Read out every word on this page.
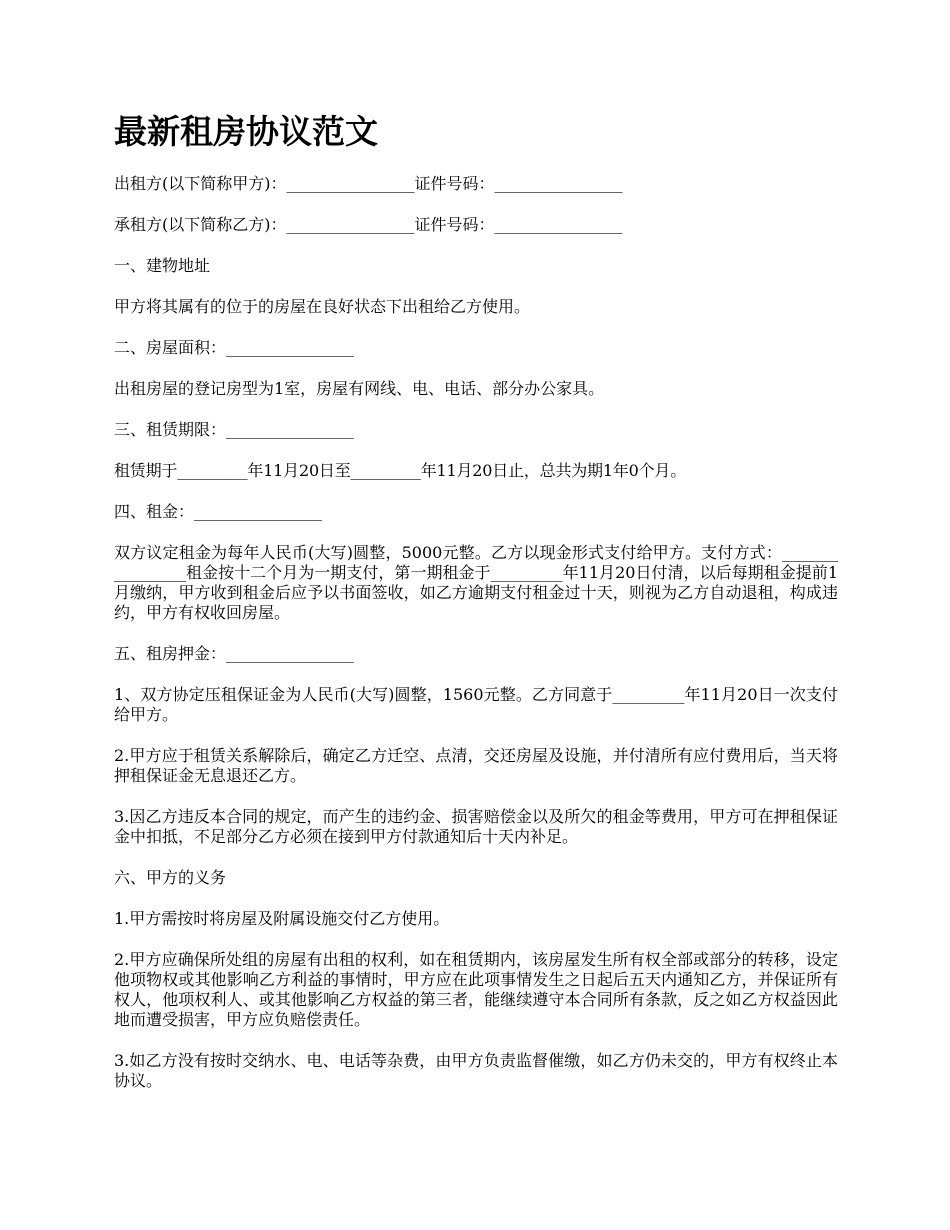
最新租房协议范文

出租方(以下简称甲方)：________________证件号码：________________

承租方(以下简称乙方)：________________证件号码：________________

一、建物地址

甲方将其属有的位于的房屋在良好状态下出租给乙方使用。

二、房屋面积：________________

出租房屋的登记房型为1室，房屋有网线、电、电话、部分办公家具。

三、租赁期限：________________

租赁期于_________年11月20日至_________年11月20日止，总共为期1年0个月。

四、租金：________________

双方议定租金为每年人民币(大写)圆整，5000元整。乙方以现金形式支付给甲方。支付方式：________________租金按十二个月为一期支付，第一期租金于_________年11月20日付清，以后每期租金提前1月缴纳，甲方收到租金后应予以书面签收，如乙方逾期支付租金过十天，则视为乙方自动退租，构成违约，甲方有权收回房屋。

五、租房押金：________________

1、双方协定压租保证金为人民币(大写)圆整，1560元整。乙方同意于_________年11月20日一次支付给甲方。

2.甲方应于租赁关系解除后，确定乙方迁空、点清，交还房屋及设施，并付清所有应付费用后，当天将押租保证金无息退还乙方。

3.因乙方违反本合同的规定，而产生的违约金、损害赔偿金以及所欠的租金等费用，甲方可在押租保证金中扣抵，不足部分乙方必须在接到甲方付款通知后十天内补足。

六、甲方的义务

1.甲方需按时将房屋及附属设施交付乙方使用。

2.甲方应确保所处组的房屋有出租的权利，如在租赁期内，该房屋发生所有权全部或部分的转移，设定他项物权或其他影响乙方利益的事情时，甲方应在此项事情发生之日起后五天内通知乙方，并保证所有权人，他项权利人、或其他影响乙方权益的第三者，能继续遵守本合同所有条款，反之如乙方权益因此地而遭受损害，甲方应负赔偿责任。

3.如乙方没有按时交纳水、电、电话等杂费，由甲方负责监督催缴，如乙方仍未交的，甲方有权终止本协议。
